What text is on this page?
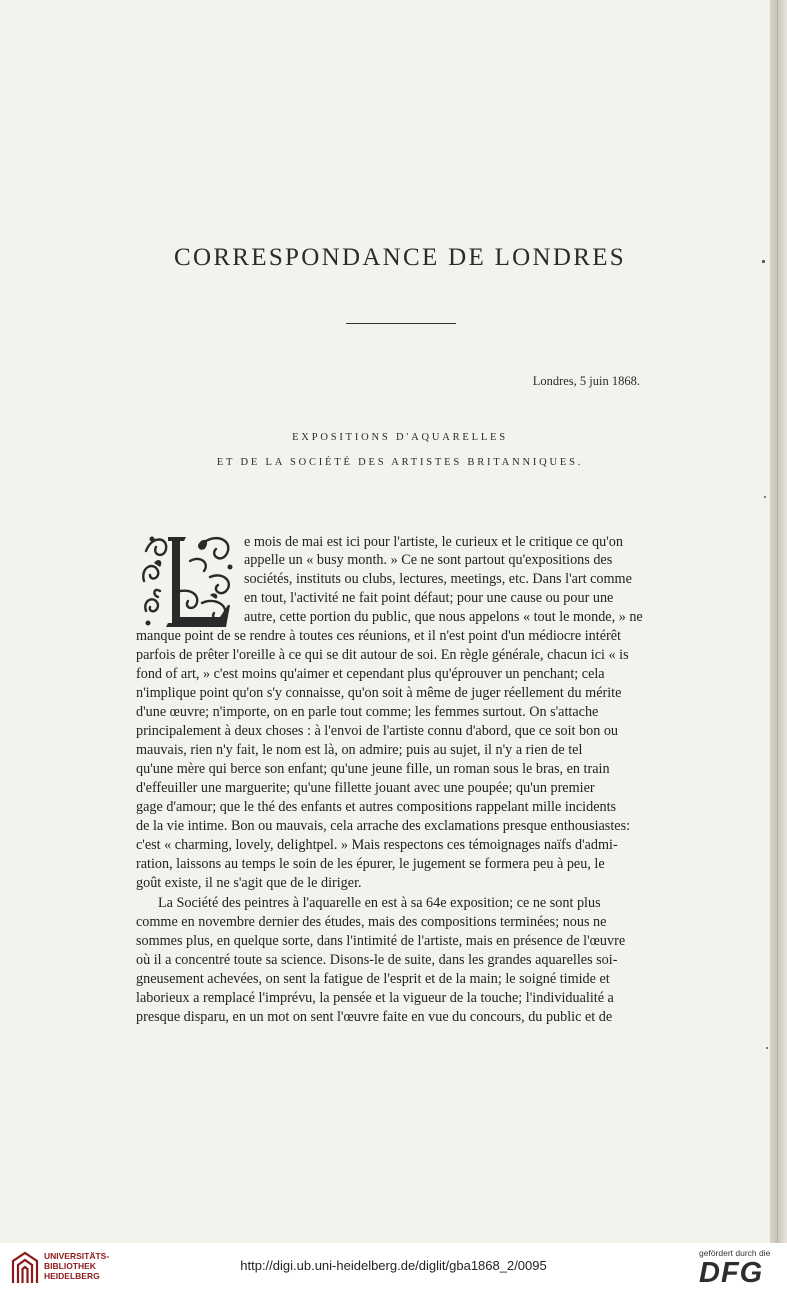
CORRESPONDANCE DE LONDRES
Londres, 5 juin 1868.
EXPOSITIONS D'AQUARELLES
ET DE LA SOCIÉTÉ DES ARTISTES BRITANNIQUES.
e mois de mai est ici pour l'artiste, le curieux et le critique ce qu'on
appelle un « busy month. » Ce ne sont partout qu'expositions des
sociétés, instituts ou clubs, lectures, meetings, etc. Dans l'art comme
en tout, l'activité ne fait point défaut; pour une cause ou pour une
autre, cette portion du public, que nous appelons « tout le monde, » ne
manque point de se rendre à toutes ces réunions, et il n'est point d'un médiocre intérêt
parfois de prêter l'oreille à ce qui se dit autour de soi. En règle générale, chacun ici « is
fond of art, » c'est moins qu'aimer et cependant plus qu'éprouver un penchant; cela
n'implique point qu'on s'y connaisse, qu'on soit à même de juger réellement du mérite
d'une œuvre; n'importe, on en parle tout comme; les femmes surtout. On s'attache
principalement à deux choses : à l'envoi de l'artiste connu d'abord, que ce soit bon ou
mauvais, rien n'y fait, le nom est là, on admire; puis au sujet, il n'y a rien de tel
qu'une mère qui berce son enfant; qu'une jeune fille, un roman sous le bras, en train
d'effeuiller une marguerite; qu'une fillette jouant avec une poupée; qu'un premier
gage d'amour; que le thé des enfants et autres compositions rappelant mille incidents
de la vie intime. Bon ou mauvais, cela arrache des exclamations presque enthousiastes:
c'est « charming, lovely, delightpel. » Mais respectons ces témoignages naïfs d'admi-
ration, laissons au temps le soin de les épurer, le jugement se formera peu à peu, le
goût existe, il ne s'agit que de le diriger.
La Société des peintres à l'aquarelle en est à sa 64e exposition; ce ne sont plus
comme en novembre dernier des études, mais des compositions terminées; nous ne
sommes plus, en quelque sorte, dans l'intimité de l'artiste, mais en présence de l'œuvre
où il a concentré toute sa science. Disons-le de suite, dans les grandes aquarelles soi-
gneusement achevées, on sent la fatigue de l'esprit et de la main; le soigné timide et
laborieux a remplacé l'imprévu, la pensée et la vigueur de la touche; l'individualité a
presque disparu, en un mot on sent l'œuvre faite en vue du concours, du public et de
UNIVERSITÄTS-
BIBLIOTHEK
HEIDELBERG
http://digi.ub.uni-heidelberg.de/diglit/gba1868_2/0095
gefördert durch die
DFG
